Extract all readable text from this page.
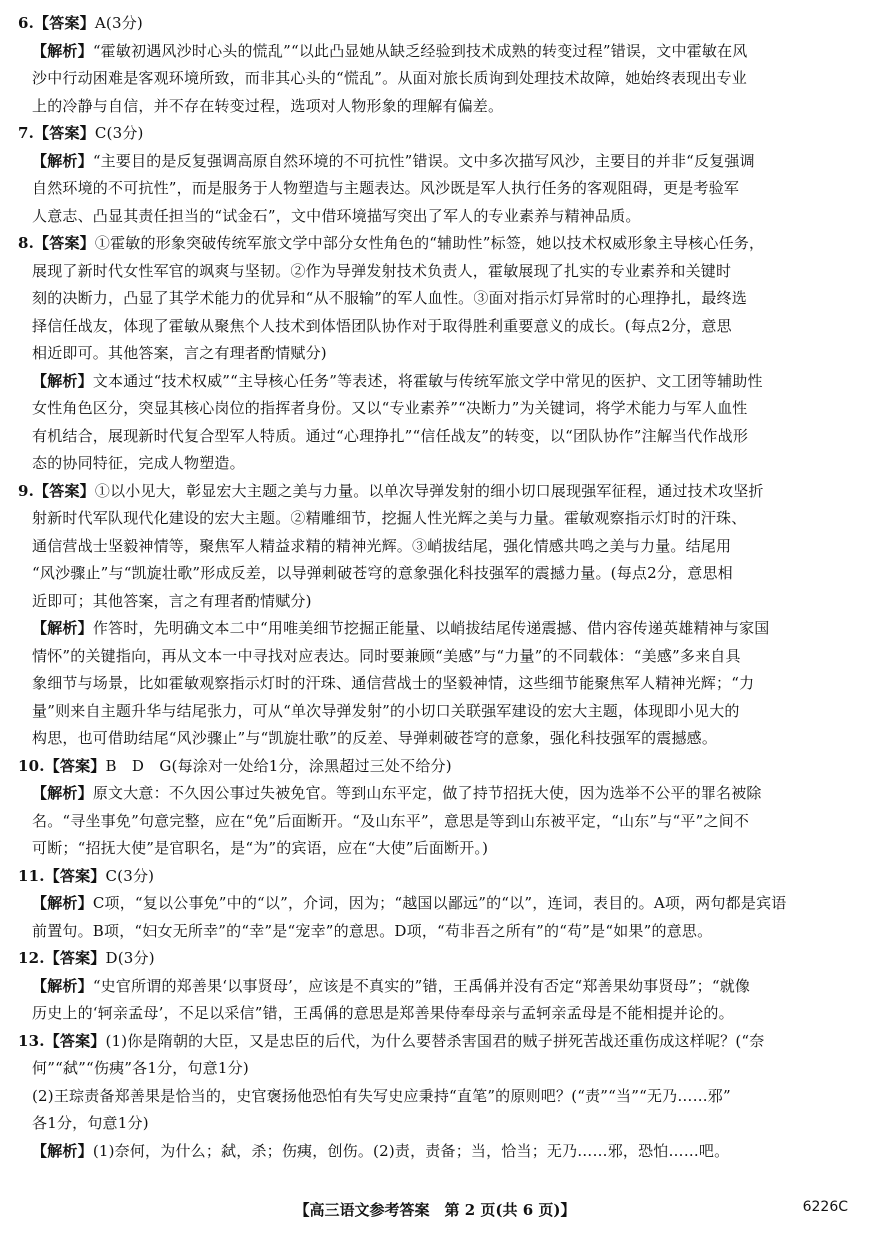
6.【答案】A(3分)
【解析】“霍敏初遇风沙时心头的慌乱”“以此凸显她从缺乏经验到技术成熟的转变过程”错误，文中霍敏在风
沙中行动困难是客观环境所致，而非其心头的“慌乱”。从面对旅长质询到处理技术故障，她始终表现出专业
上的冷静与自信，并不存在转变过程，选项对人物形象的理解有偏差。
7.【答案】C(3分)
【解析】“主要目的是反复强调高原自然环境的不可抗性”错误。文中多次描写风沙，主要目的并非“反复强调
自然环境的不可抗性”，而是服务于人物塑造与主题表达。风沙既是军人执行任务的客观阻碍，更是考验军
人意志、凸显其责任担当的“试金石”，文中借环境描写突出了军人的专业素养与精神品质。
8.【答案】①霍敏的形象突破传统军旅文学中部分女性角色的“辅助性”标签，她以技术权威形象主导核心任务，
展现了新时代女性军官的飒爽与坚韧。②作为导弹发射技术负责人，霍敏展现了扎实的专业素养和关键时
刻的决断力，凸显了其学术能力的优异和“从不服输”的军人血性。③面对指示灯异常时的心理挣扎，最终选
择信任战友，体现了霍敏从聚焦个人技术到体悟团队协作对于取得胜利重要意义的成长。(每点2分，意思
相近即可。其他答案，言之有理者酌情赋分)
【解析】文本通过“技术权威”“主导核心任务”等表述，将霍敏与传统军旅文学中常见的医护、文工团等辅助性
女性角色区分，突显其核心岗位的指挥者身份。又以“专业素养”“决断力”为关键词，将学术能力与军人血性
有机结合，展现新时代复合型军人特质。通过“心理挣扎”“信任战友”的转变，以“团队协作”注解当代作战形
态的协同特征，完成人物塑造。
9.【答案】①以小见大，彰显宏大主题之美与力量。以单次导弹发射的细小切口展现强军征程，通过技术攻坚折
射新时代军队现代化建设的宏大主题。②精雕细节，挖掘人性光辉之美与力量。霍敏观察指示灯时的汗珠、
通信营战士坚毅神情等，聚焦军人精益求精的精神光辉。③峭拔结尾，强化情感共鸣之美与力量。结尾用
“风沙骤止”与“凯旋壮歌”形成反差，以导弹刺破苍穹的意象强化科技强军的震撼力量。(每点2分，意思相
近即可；其他答案，言之有理者酌情赋分)
【解析】作答时，先明确文本二中“用唯美细节挖掘正能量、以峭拔结尾传递震撼、借内容传递英雄精神与家国
情怀”的关键指向，再从文本一中寻找对应表达。同时要兼顾“美感”与“力量”的不同载体：“美感”多来自具
象细节与场景，比如霍敏观察指示灯时的汗珠、通信营战士的坚毅神情，这些细节能聚焦军人精神光辉；“力
量”则来自主题升华与结尾张力，可从“单次导弹发射”的小切口关联强军建设的宏大主题，体现即小见大的
构思，也可借助结尾“风沙骤止”与“凯旋壮歌”的反差、导弹刺破苍穹的意象，强化科技强军的震撼感。
10.【答案】B　D　G(每涂对一处给1分，涂黑超过三处不给分)
【解析】原文大意：不久因公事过失被免官。等到山东平定，做了持节招抚大使，因为选举不公平的罪名被除
名。“寻坐事免”句意完整，应在“免”后面断开。“及山东平”，意思是等到山东被平定，“山东”与“平”之间不
可断；“招抚大使”是官职名，是“为”的宾语，应在“大使”后面断开。)
11.【答案】C(3分)
【解析】C项，“复以公事免”中的“以”，介词，因为；“越国以鄙远”的“以”，连词，表目的。A项，两句都是宾语
前置句。B项，“妇女无所幸”的“幸”是“宠幸”的意思。D项，“苟非吾之所有”的“苟”是“如果”的意思。
12.【答案】D(3分)
【解析】“史官所谓的郑善果‘以事贤母’，应该是不真实的”错，王禹偁并没有否定“郑善果幼事贤母”；“就像
历史上的‘轲亲孟母’，不足以采信”错，王禹偁的意思是郑善果侍奉母亲与孟轲亲孟母是不能相提并论的。
13.【答案】(1)你是隋朝的大臣，又是忠臣的后代，为什么要替杀害国君的贼子拼死苦战还重伤成这样呢？(“奈
何”“弑”“伤痍”各1分，句意1分)
(2)王琮责备郑善果是恰当的，史官褒扬他恐怕有失写史应秉持“直笔”的原则吧？(“责”“当”“无乃……邪”
各1分，句意1分)
【解析】(1)奈何，为什么；弑，杀；伤痍，创伤。(2)责，责备；当，恰当；无乃……邪，恐怕……吧。
【高三语文参考答案　第 2 页(共 6 页)】	6226C
